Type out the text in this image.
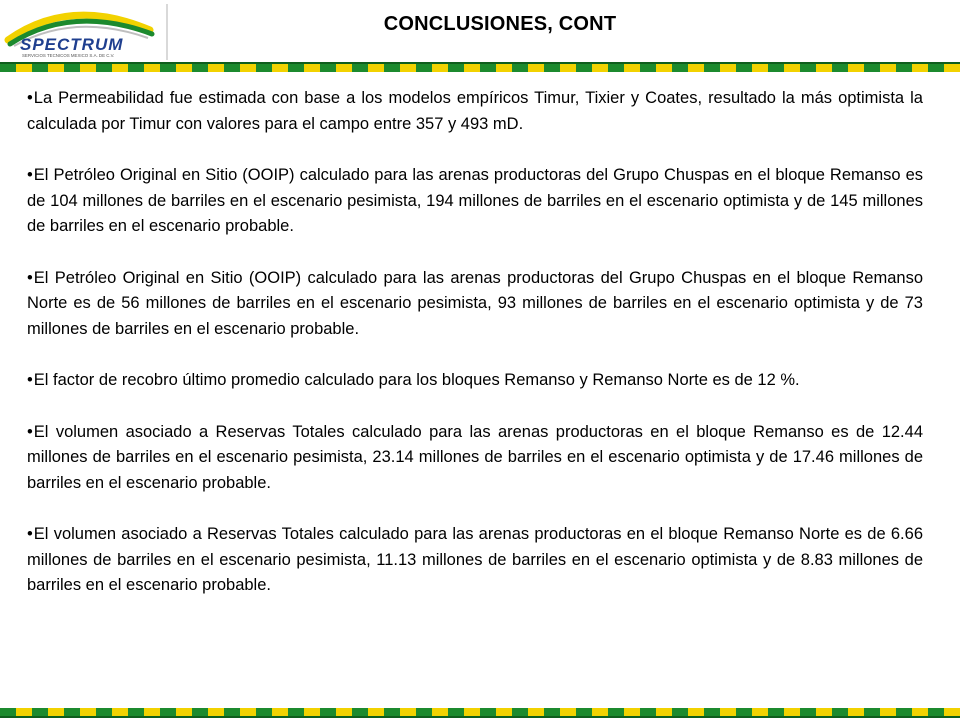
SPECTRUM
SERVICIOS TECNICOS MEXICO S.A. DE C.V.
CONCLUSIONES, CONT

•La Permeabilidad fue estimada con base a los modelos empíricos Timur, Tixier y Coates, resultado la más optimista la calculada por Timur con valores para el campo entre 357 y 493 mD.

•El Petróleo Original en Sitio (OOIP) calculado para las arenas productoras del Grupo Chuspas en el bloque Remanso es de 104 millones de barriles en el escenario pesimista, 194 millones de barriles en el escenario optimista y de 145 millones de barriles en el escenario probable.

•El Petróleo Original en Sitio (OOIP) calculado para las arenas productoras del Grupo Chuspas en el bloque Remanso Norte es de 56 millones de barriles en el escenario pesimista, 93 millones de barriles en el escenario optimista y de 73 millones de barriles en el escenario probable.

•El factor de recobro último promedio calculado para los bloques Remanso y Remanso Norte es de 12 %.

•El volumen asociado a Reservas Totales calculado para las arenas productoras en el bloque Remanso es de 12.44 millones de barriles en el escenario pesimista, 23.14 millones de barriles en el escenario optimista y de 17.46 millones de barriles en el escenario probable.

•El volumen asociado a Reservas Totales calculado para las arenas productoras en el bloque Remanso Norte es de 6.66 millones de barriles en el escenario pesimista, 11.13 millones de barriles en el escenario optimista y de 8.83 millones de barriles en el escenario probable.
